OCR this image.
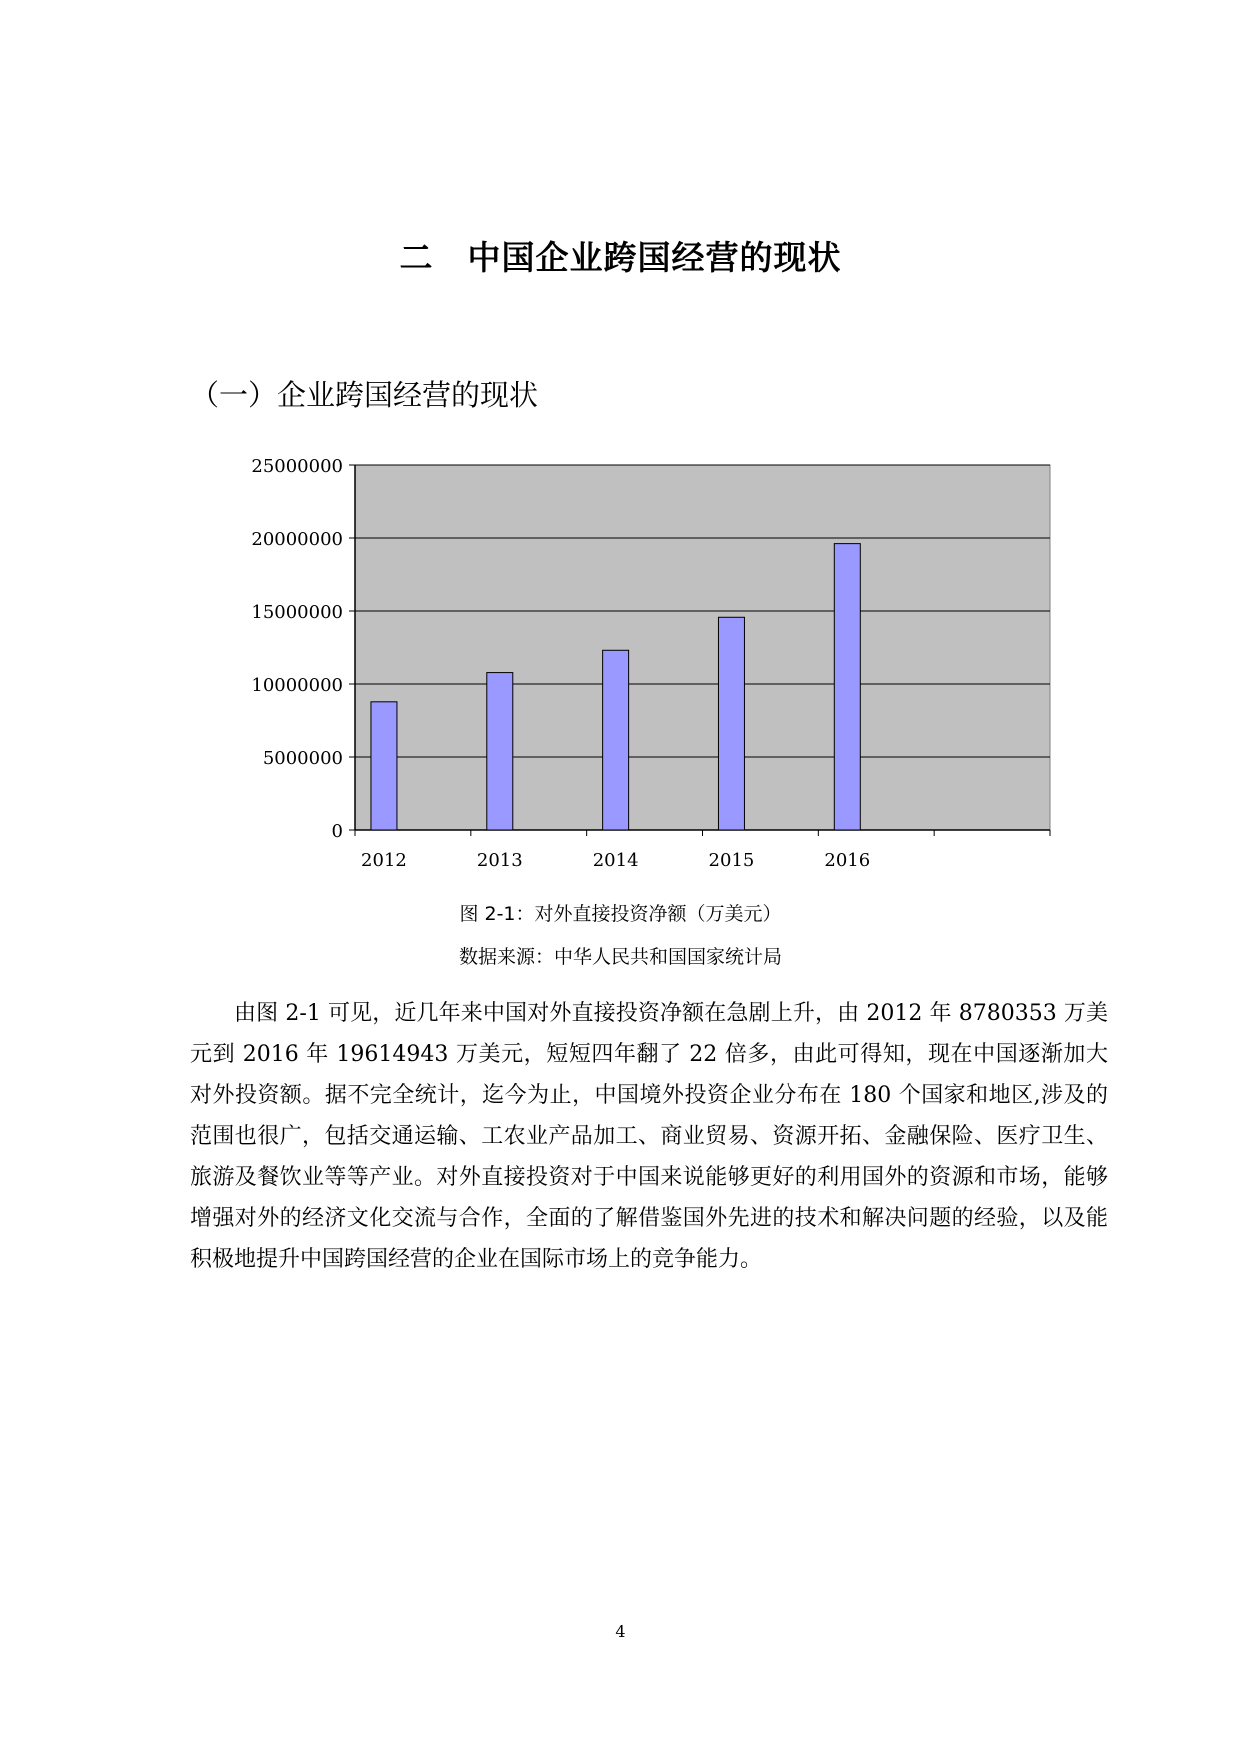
二　中国企业跨国经营的现状
（一）企业跨国经营的现状
0
5000000
10000000
15000000
20000000
25000000
2012	2013	2014	2015	2016
图 2-1：对外直接投资净额（万美元）
数据来源：中华人民共和国国家统计局

由图 2-1 可见，近几年来中国对外直接投资净额在急剧上升，由 2012 年 8780353 万美元到 2016 年 19614943 万美元，短短四年翻了 22 倍多，由此可得知，现在中国逐渐加大对外投资额。据不完全统计，迄今为止，中国境外投资企业分布在 180 个国家和地区,涉及的范围也很广，包括交通运输、工农业产品加工、商业贸易、资源开拓、金融保险、医疗卫生、旅游及餐饮业等等产业。对外直接投资对于中国来说能够更好的利用国外的资源和市场，能够增强对外的经济文化交流与合作，全面的了解借鉴国外先进的技术和解决问题的经验，以及能积极地提升中国跨国经营的企业在国际市场上的竞争能力。

4
